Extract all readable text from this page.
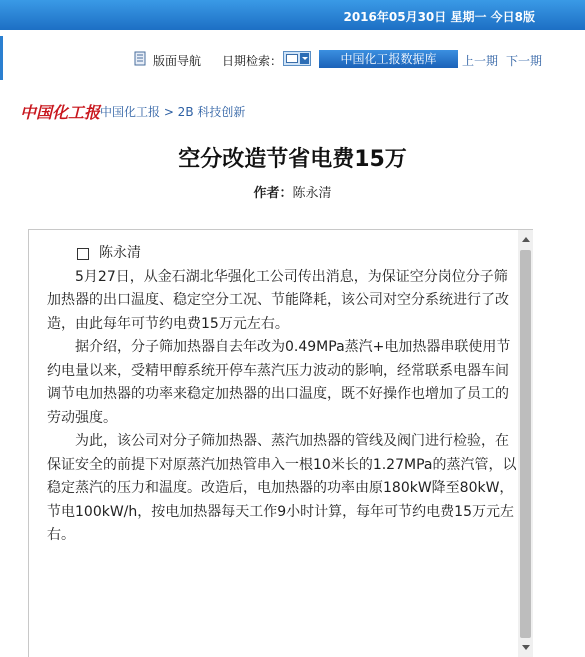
2016年05月30日 星期一 今日8版
版面导航 日期检索：	中国化工报数据库	上一期 下一期
中国化工报 中国化工报 > 2B 科技创新
空分改造节省电费15万
作者：陈永清
陈永清

5月27日，从金石湖北华强化工公司传出消息，为保证空分岗位分子筛加热器的出口温度、稳定空分工况、节能降耗，该公司对空分系统进行了改造，由此每年可节约电费15万元左右。

据介绍，分子筛加热器自去年改为0.49MPa蒸汽+电加热器串联使用节约电量以来，受精甲醇系统开停车蒸汽压力波动的影响，经常联系电器车间调节电加热器的功率来稳定加热器的出口温度，既不好操作也增加了员工的劳动强度。

为此，该公司对分子筛加热器、蒸汽加热器的管线及阀门进行检验，在保证安全的前提下对原蒸汽加热管串入一根10米长的1.27MPa的蒸汽管，以稳定蒸汽的压力和温度。改造后，电加热器的功率由原180kW降至80kW，节电100kW/h，按电加热器每天工作9小时计算，每年可节约电费15万元左右。
